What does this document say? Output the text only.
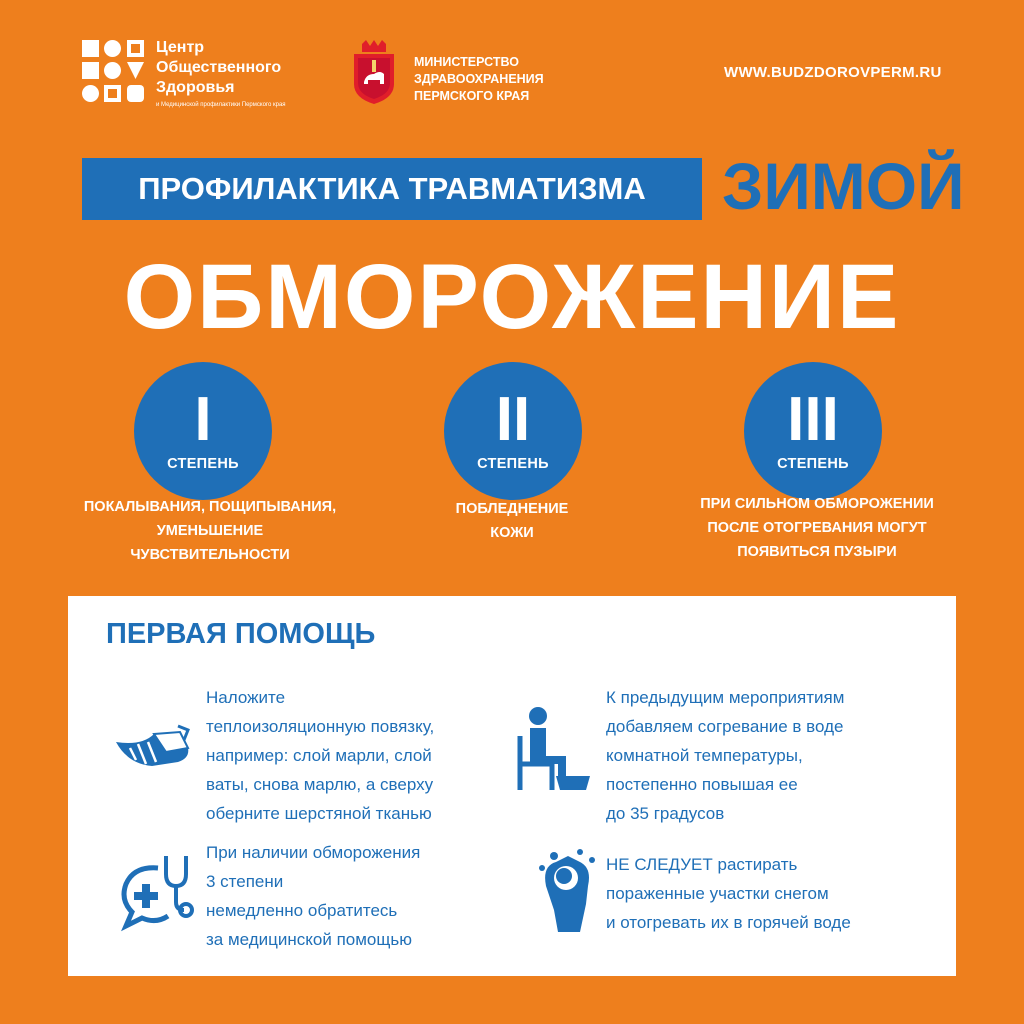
Центр
Общественного
Здоровья
и Медицинской профилактики Пермского края
МИНИСТЕРСТВО
ЗДРАВООХРАНЕНИЯ
ПЕРМСКОГО КРАЯ
WWW.BUDZDOROVPERM.RU
ПРОФИЛАКТИКА ТРАВМАТИЗМА	ЗИМОЙ
ОБМОРОЖЕНИЕ
I
СТЕПЕНЬ
II
СТЕПЕНЬ
III
СТЕПЕНЬ
ПОКАЛЫВАНИЯ, ПОЩИПЫВАНИЯ,
УМЕНЬШЕНИЕ
ЧУВСТВИТЕЛЬНОСТИ
ПОБЛЕДНЕНИЕ
КОЖИ
ПРИ СИЛЬНОМ ОБМОРОЖЕНИИ
ПОСЛЕ ОТОГРЕВАНИЯ МОГУТ
ПОЯВИТЬСЯ ПУЗЫРИ
ПЕРВАЯ ПОМОЩЬ
Наложите
теплоизоляционную повязку,
например: слой марли, слой
ваты, снова марлю, а сверху
оберните шерстяной тканью
К предыдущим мероприятиям
добавляем согревание в воде
комнатной температуры,
постепенно повышая ее
до 35 градусов
При наличии обморожения
3 степени
немедленно обратитесь
за медицинской помощью
НЕ СЛЕДУЕТ растирать
пораженные участки снегом
и отогревать их в горячей воде
